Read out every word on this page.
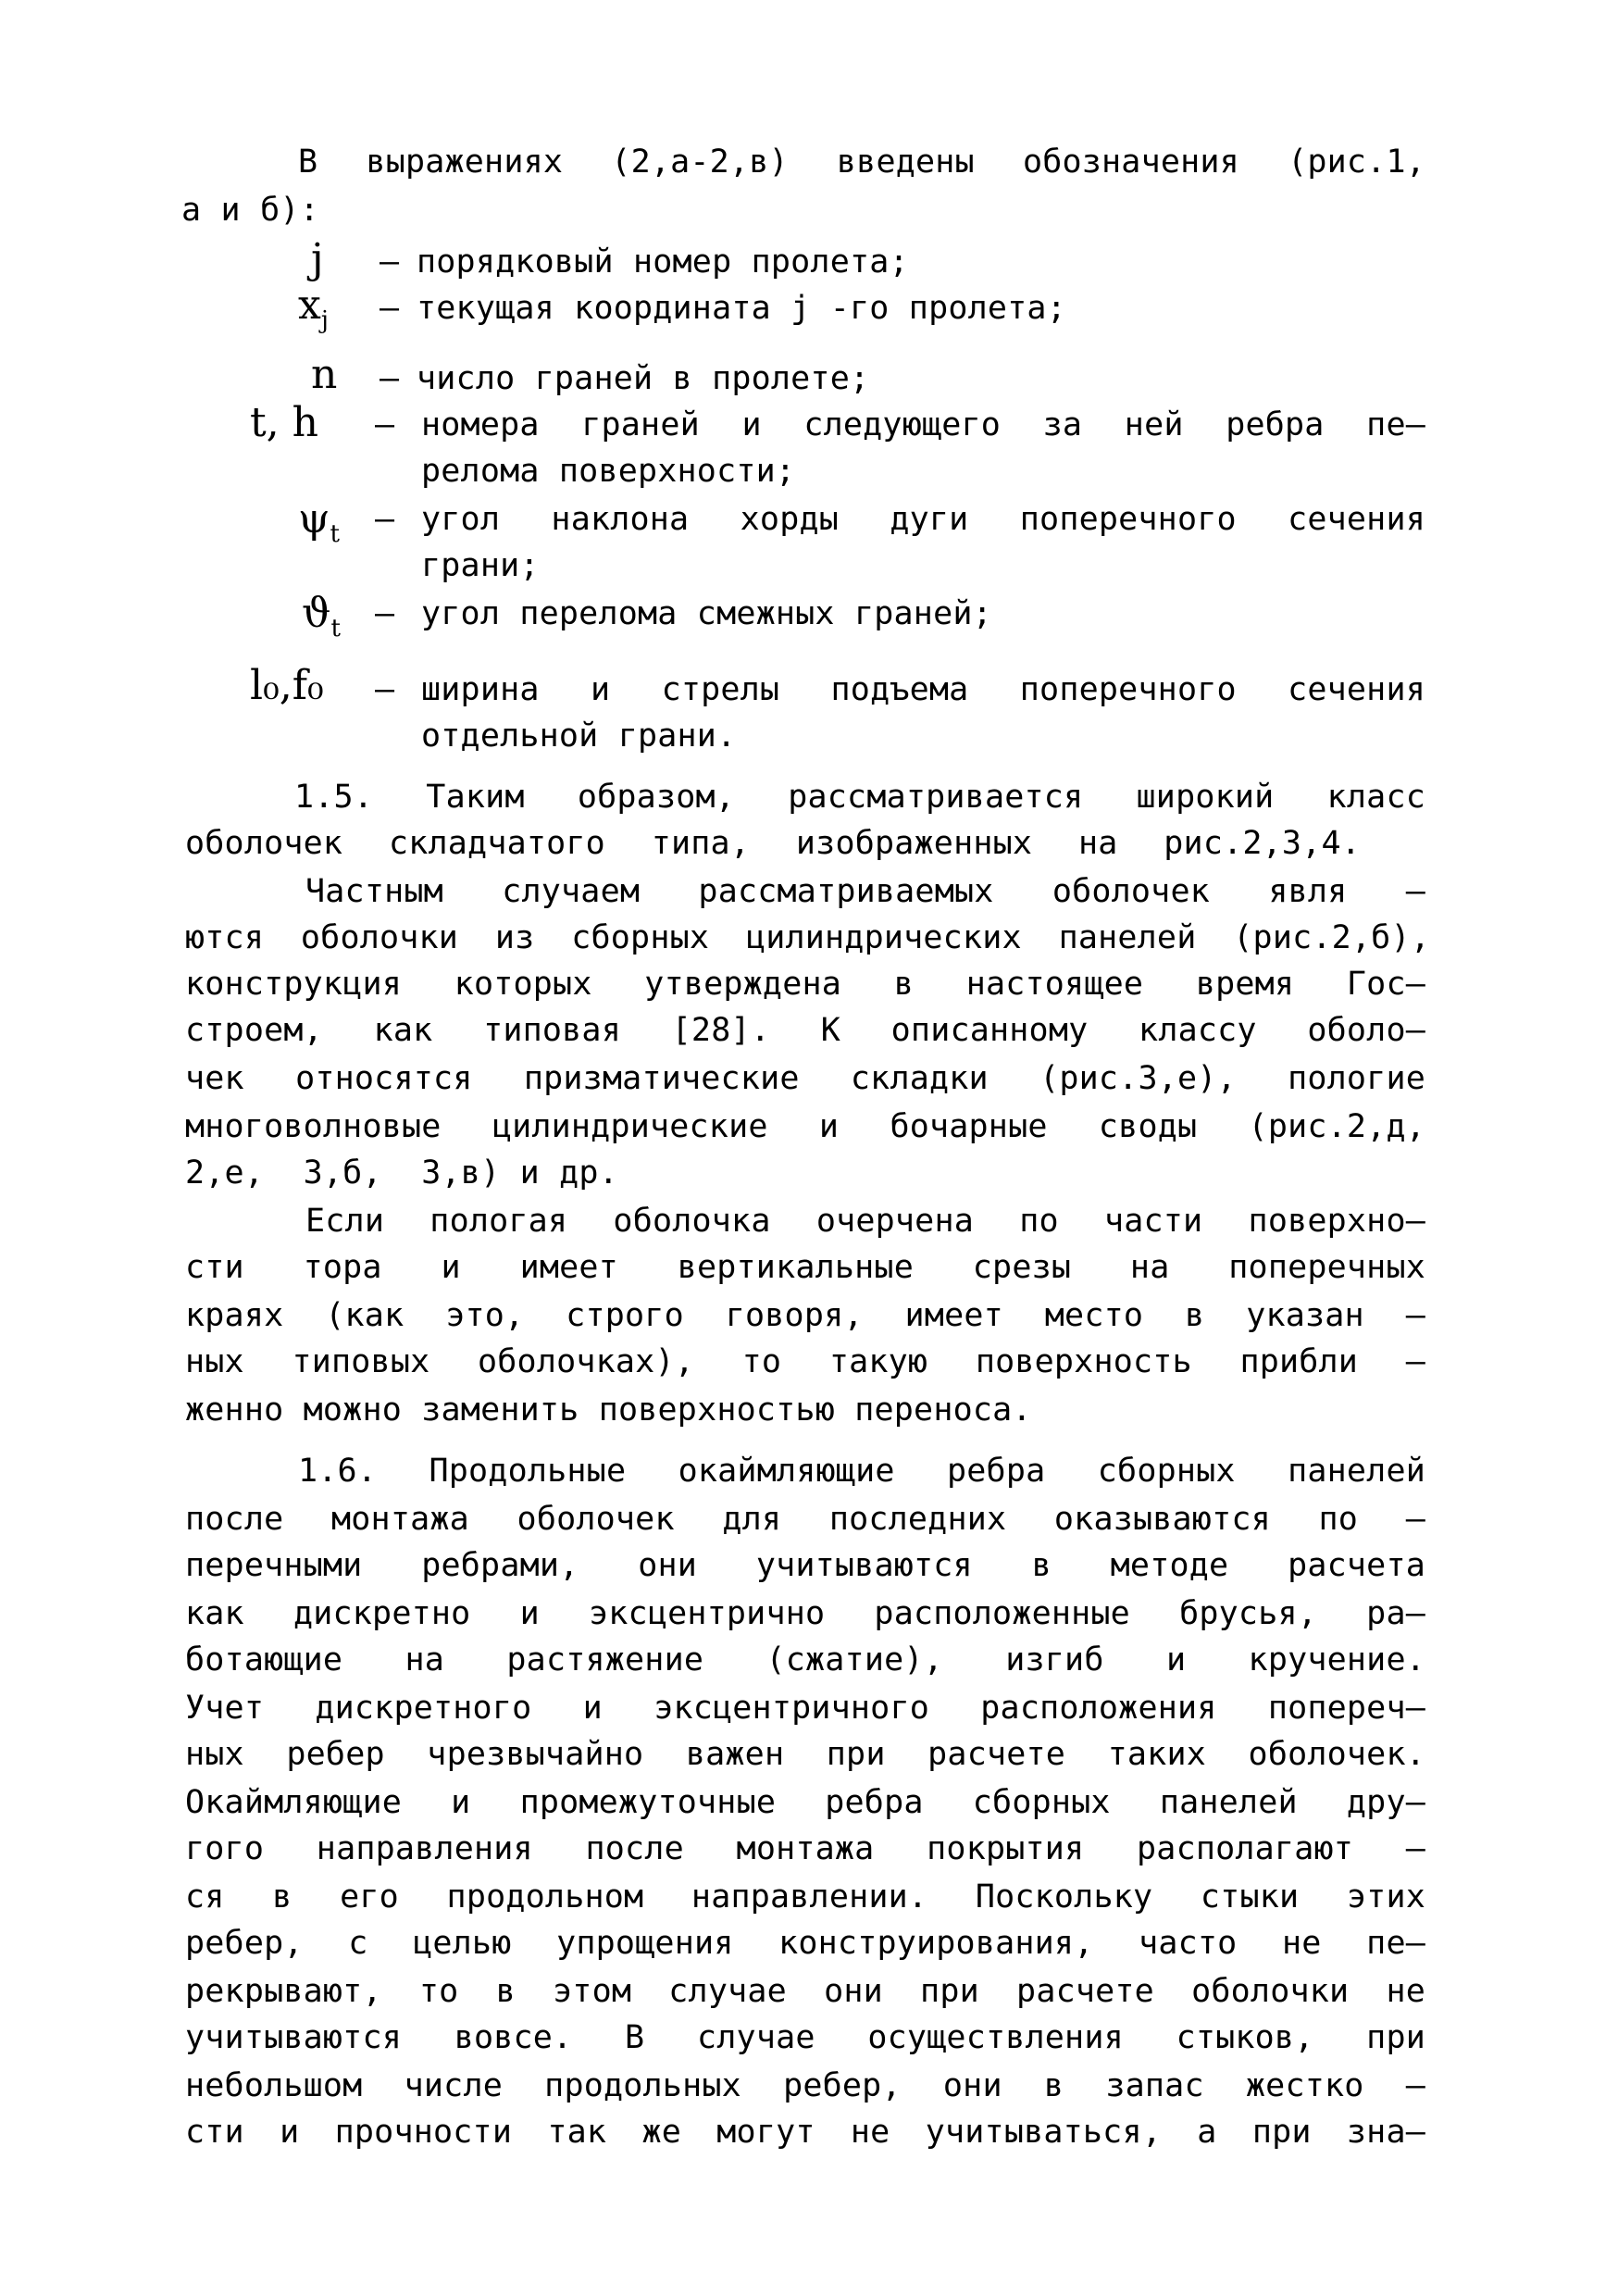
В выражениях (2,а-2,в) введены обозначения (рис.1,
а и б):
j – порядковый номер пролета;
$x_j$ – текущая координата j -го пролета;
n – число граней в пролете;
t, h – номера граней и следующего за ней ребра пе–
релома поверхности;
$\psi_t$ – угол наклона хорды дуги поперечного сечения
грани;
$ϑ_t$ – угол перелома смежных граней;
l₀,f₀ – ширина и стрелы подъема поперечного сечения
отдельной грани.
1.5. Таким образом, рассматривается широкий класс
оболочек складчатого типа, изображенных на рис.2,3,4.
Частным случаем рассматриваемых оболочек явля –
ются оболочки из сборных цилиндрических панелей (рис.2,б),
конструкция которых утверждена в настоящее время Гос–
строем, как типовая [28]. К описанному классу оболо–
чек относятся призматические складки (рис.3,е), пологие
многоволновые цилиндрические и бочарные своды (рис.2,д,
2,е,  3,б,  3,в) и др.
Если пологая оболочка очерчена по части поверхно–
сти тора и имеет вертикальные срезы на поперечных
краях (как это, строго говоря, имеет место в указан –
ных типовых оболочках), то такую поверхность прибли –
женно можно заменить поверхностью переноса.
1.6. Продольные окаймляющие ребра сборных панелей
после монтажа оболочек для последних оказываются по –
перечными ребрами, они учитываются в методе расчета
как дискретно и эксцентрично расположенные брусья, ра–
ботающие на растяжение (сжатие), изгиб и кручение.
Учет дискретного и эксцентричного расположения попереч–
ных ребер чрезвычайно важен при расчете таких оболочек.
Окаймляющие и промежуточные ребра сборных панелей дру–
гого направления после монтажа покрытия располагают –
ся в его продольном направлении. Поскольку стыки этих
ребер, с целью упрощения конструирования, часто не пе–
рекрывают, то в этом случае они при расчете оболочки не
учитываются вовсе. В случае осуществления стыков, при
небольшом числе продольных ребер, они в запас жестко –
сти и прочности так же могут не учитываться, а при зна–
